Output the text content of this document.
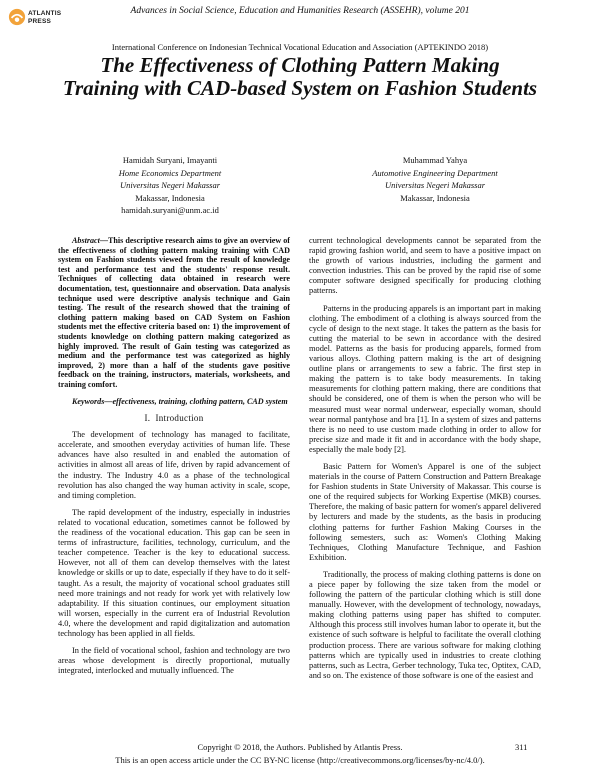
ATLANTIS
PRESS
Advances in Social Science, Education and Humanities Research (ASSEHR), volume 201
International Conference on Indonesian Technical Vocational Education and Association (APTEKINDO 2018)
The Effectiveness of Clothing Pattern Making Training with CAD-based System on Fashion Students
Hamidah Suryani, Imayanti
Home Economics Department
Universitas Negeri Makassar
Makassar, Indonesia
hamidah.suryani@unm.ac.id
Muhammad Yahya
Automotive Engineering Department
Universitas Negeri Makassar
Makassar, Indonesia

Abstract—This descriptive research aims to give an overview of the effectiveness of clothing pattern making training with CAD system on Fashion students viewed from the result of knowledge test and performance test and the students' response result. Techniques of collecting data obtained in research were documentation, test, questionnaire and observation. Data analysis technique used were descriptive analysis technique and Gain testing. The result of the research showed that the training of clothing pattern making based on CAD System on Fashion students met the effective criteria based on: 1) the improvement of students knowledge on clothing pattern making categorized as highly improved. The result of Gain testing was categorized as medium and the performance test was categorized as highly improved, 2) more than a half of the students gave positive feedback on the training, instructors, materials, worksheets, and training comfort.

Keywords—effectiveness, training, clothing pattern, CAD system

I. Introduction

The development of technology has managed to facilitate, accelerate, and smoothen everyday activities of human life. These advances have also resulted in and enabled the automation of activities in almost all areas of life, driven by rapid advancement of the industry. The Industry 4.0 as a phase of the technological revolution has also changed the way human activity in scale, scope, and timing completion.

The rapid development of the industry, especially in industries related to vocational education, sometimes cannot be followed by the readiness of the vocational education. This gap can be seen in terms of infrastructure, facilities, technology, curriculum, and the teacher competence. Teacher is the key to educational success. However, not all of them can develop themselves with the latest knowledge or skills or up to date, especially if they have to do it self-taught. As a result, the majority of vocational school graduates still need more trainings and not ready for work yet with relatively low adaptability. If this situation continues, our employment situation will worsen, especially in the current era of Industrial Revolution 4.0, where the development and rapid digitalization and automation technology has been applied in all fields.

In the field of vocational school, fashion and technology are two areas whose development is directly proportional, mutually integrated, interlocked and mutually influenced. The

current technological developments cannot be separated from the rapid growing fashion world, and seem to have a positive impact on the growth of various industries, including the garment and convection industries. This can be proved by the rapid rise of some computer software designed specifically for producing clothing patterns.

Patterns in the producing apparels is an important part in making clothing. The embodiment of a clothing is always sourced from the cycle of design to the next stage. It takes the pattern as the basis for cutting the material to be sewn in accordance with the desired model. Patterns as the basis for producing apparels, formed from various alloys. Clothing pattern making is the art of designing outline plans or arrangements to sew a fabric. The first step in making the pattern is to take body measurements. In taking measurements for clothing pattern making, there are conditions that should be considered, one of them is when the person who will be measured must wear normal underwear, especially woman, should wear normal pantyhose and bra [1]. In a system of sizes and patterns there is no need to use custom made clothing in order to allow for precise size and made it fit and in accordance with the body shape, especially the male body [2].

Basic Pattern for Women's Apparel is one of the subject materials in the course of Pattern Construction and Pattern Breakage for Fashion students in State University of Makassar. This course is one of the required subjects for Working Expertise (MKB) courses. Therefore, the making of basic pattern for women's apparel delivered by lecturers and made by the students, as the basis in producing clothing patterns for further Fashion Making Courses in the following semesters, such as: Women's Clothing Making Techniques, Clothing Manufacture Technique, and Fashion Exhibition.

Traditionally, the process of making clothing patterns is done on a piece paper by following the size taken from the model or following the pattern of the particular clothing which is still done manually. However, with the development of technology, nowadays, making clothing patterns using paper has shifted to computer. Although this process still involves human labor to operate it, but the existence of such software is helpful to facilitate the overall clothing production process. There are various software for making clothing patterns which are typically used in industries to create clothing patterns, such as Lectra, Gerber technology, Tuka tec, Optitex, CAD, and so on. The existence of those software is one of the easiest and

Copyright © 2018, the Authors. Published by Atlantis Press.	311
This is an open access article under the CC BY-NC license (http://creativecommons.org/licenses/by-nc/4.0/).
